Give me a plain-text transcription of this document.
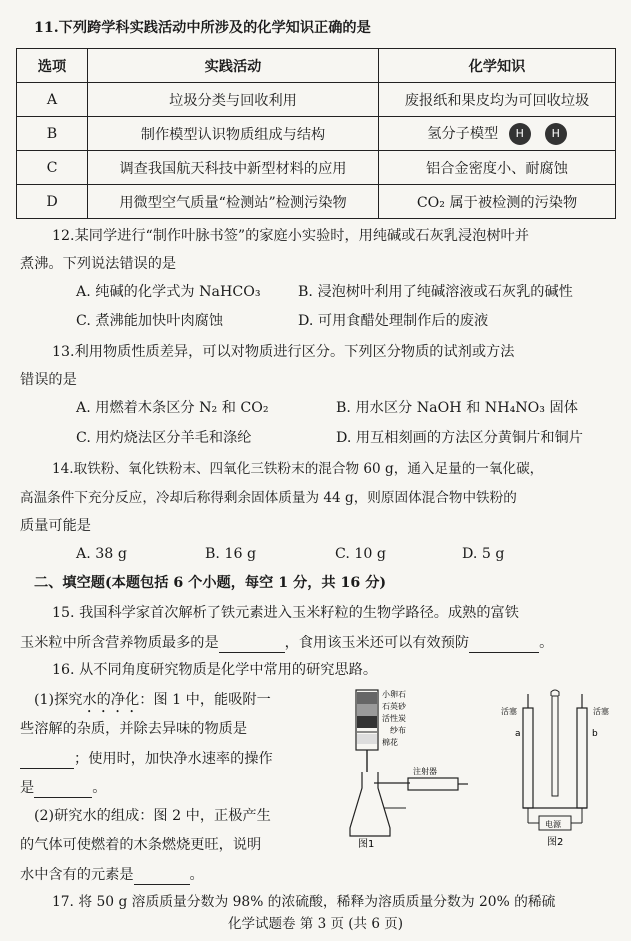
11.下列跨学科实践活动中所涉及的化学知识正确的是
选项	实践活动	化学知识
A	垃圾分类与回收利用	废报纸和果皮均为可回收垃圾
B	制作模型认识物质组成与结构	氢分子模型 H H
C	调查我国航天科技中新型材料的应用	铝合金密度小、耐腐蚀
D	用微型空气质量“检测站”检测污染物	CO₂ 属于被检测的污染物
12.某同学进行“制作叶脉书签”的家庭小实验时，用纯碱或石灰乳浸泡树叶并
煮沸。下列说法错误的是
A. 纯碱的化学式为 NaHCO₃	B. 浸泡树叶利用了纯碱溶液或石灰乳的碱性
C. 煮沸能加快叶肉腐蚀	D. 可用食醋处理制作后的废液
13.利用物质性质差异，可以对物质进行区分。下列区分物质的试剂或方法
错误的是
A. 用燃着木条区分 N₂ 和 CO₂	B. 用水区分 NaOH 和 NH₄NO₃ 固体
C. 用灼烧法区分羊毛和涤纶	D. 用互相刻画的方法区分黄铜片和铜片
14.取铁粉、氧化铁粉末、四氧化三铁粉末的混合物 60 g，通入足量的一氧化碳，
高温条件下充分反应，冷却后称得剩余固体质量为 44 g，则原固体混合物中铁粉的
质量可能是
A. 38 g	B. 16 g	C. 10 g	D. 5 g
二、填空题(本题包括 6 个小题，每空 1 分，共 16 分)
15. 我国科学家首次解析了铁元素进入玉米籽粒的生物学路径。成熟的富铁
玉米粒中所含营养物质最多的是	，食用该玉米还可以有效预防	。
16. 从不同角度研究物质是化学中常用的研究思路。
(1)探究水的净化：图 1 中，能吸附一
些溶解的杂质，并除去异味的物质是
；使用时，加快净水速率的操作
是	。
(2)研究水的组成：图 2 中，正极产生
的气体可使燃着的木条燃烧更旺，说明
水中含有的元素是	。
小卵石
石英砂
活性炭
纱布
棉花
图1
注射器
活塞	活塞
a	b
电源
图2
17. 将 50 g 溶质质量分数为 98% 的浓硫酸，稀释为溶质质量分数为 20% 的稀硫
化学试题卷 第 3 页 (共 6 页)
